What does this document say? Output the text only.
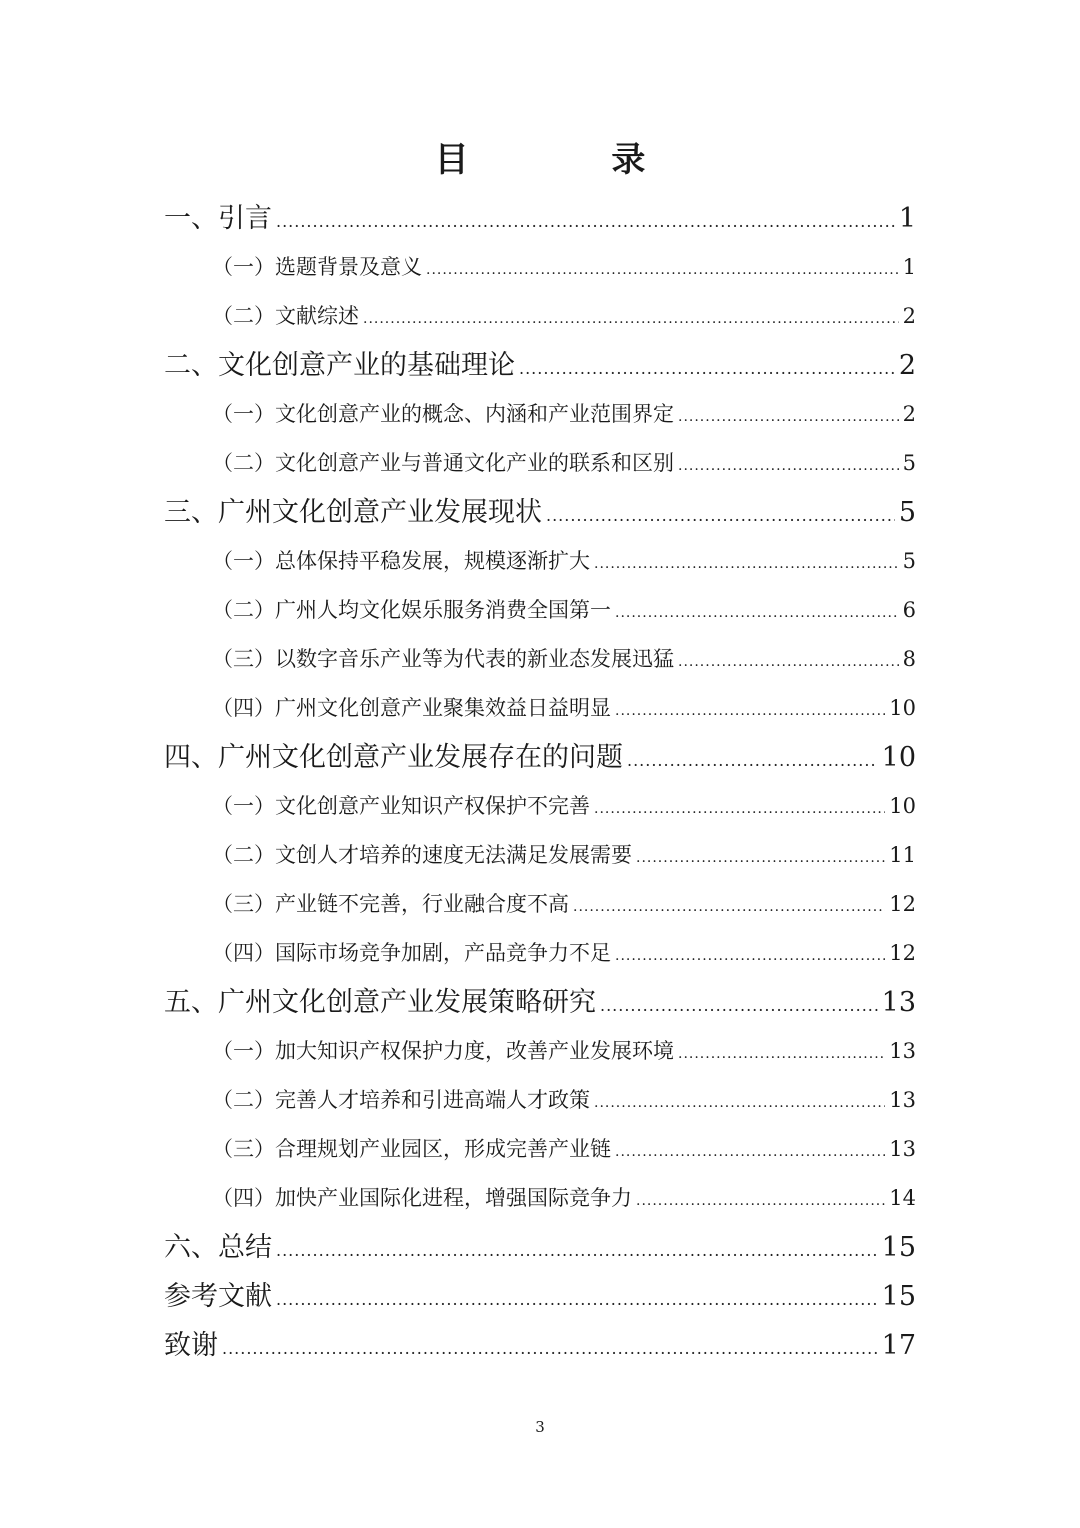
目　录
一、引言 .....	1
（一）选题背景及意义 .....	1
（二）文献综述 .....	2
二、文化创意产业的基础理论 .....	2
（一）文化创意产业的概念、内涵和产业范围界定 .....	2
（二）文化创意产业与普通文化产业的联系和区别 .....	5
三、广州文化创意产业发展现状 .....	5
（一）总体保持平稳发展，规模逐渐扩大 .....	5
（二）广州人均文化娱乐服务消费全国第一 .....	6
（三）以数字音乐产业等为代表的新业态发展迅猛 .....	8
（四）广州文化创意产业聚集效益日益明显 .....	10
四、广州文化创意产业发展存在的问题 .....	10
（一）文化创意产业知识产权保护不完善 .....	10
（二）文创人才培养的速度无法满足发展需要 .....	11
（三）产业链不完善，行业融合度不高 .....	12
（四）国际市场竞争加剧，产品竞争力不足 .....	12
五、广州文化创意产业发展策略研究 .....	13
（一）加大知识产权保护力度，改善产业发展环境 .....	13
（二）完善人才培养和引进高端人才政策 .....	13
（三）合理规划产业园区，形成完善产业链 .....	13
（四）加快产业国际化进程，增强国际竞争力 .....	14
六、总结 .....	15
参考文献 .....	15
致谢 .....	17
3
